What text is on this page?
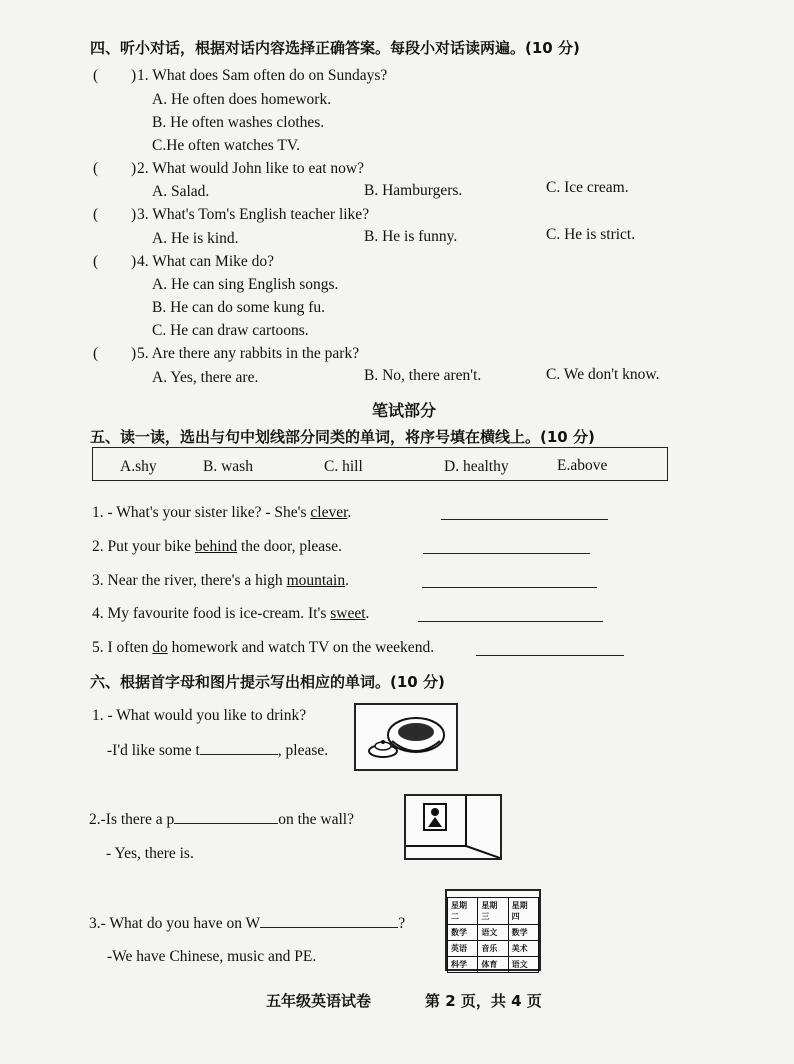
四、听小对话，根据对话内容选择正确答案。每段小对话读两遍。(10 分)
( ) 1. What does Sam often do on Sundays?
A. He often does homework.
B. He often washes clothes.
C.He often watches TV.
( ) 2. What would John like to eat now?
A. Salad.	B. Hamburgers.	C. Ice cream.
( ) 3. What's Tom's English teacher like?
A. He is kind.	B. He is funny.	C. He is strict.
( ) 4. What can Mike do?
A. He can sing English songs.
B. He can do some kung fu.
C. He can draw cartoons.
( ) 5. Are there any rabbits in the park?
A. Yes, there are.	B. No, there aren't.	C. We don't know.
笔试部分
五、读一读，选出与句中划线部分同类的单词，将序号填在横线上。(10 分)
A.shy	B. wash	C. hill	D. healthy	E.above
1. - What's your sister like? - She's clever.
2. Put your bike behind the door, please.
3. Near the river, there's a high mountain.
4. My favourite food is ice-cream. It's sweet.
5. I often do homework and watch TV on the weekend.
六、根据首字母和图片提示写出相应的单词。(10 分)
1. - What would you like to drink?
-I'd like some t	, please.
2.-Is there a p	on the wall?
- Yes, there is.
3.- What do you have on W	?
-We have Chinese, music and PE.
星期二	星期三	星期四
数学	语文	数学
英语	音乐	美术
科学	体育	语文
五年级英语试卷	第 2 页，共 4 页
